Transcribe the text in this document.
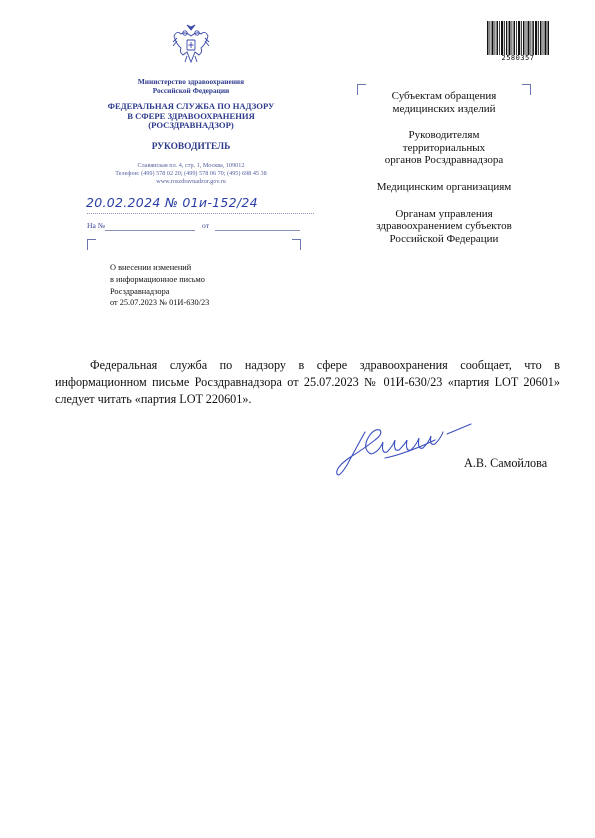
2580357
Министерство здравоохранения
Российской Федерации
ФЕДЕРАЛЬНАЯ СЛУЖБА ПО НАДЗОРУ
В СФЕРЕ ЗДРАВООХРАНЕНИЯ
(РОСЗДРАВНАДЗОР)
РУКОВОДИТЕЛЬ
Славянская пл. 4, стр. 1, Москва, 109012
Телефон: (499) 578 02 20; (499) 578 06 70; (495) 698 45 38
www.roszdravnadzor.gov.ru
20.02.2024 № 01и-152/24
На №	от
О внесении изменений
в информационное письмо
Росздравнадзора
от 25.07.2023 № 01И-630/23
Субъектам обращения
медицинских изделий
Руководителям
территориальных
органов Росздравнадзора
Медицинским организациям
Органам управления
здравоохранением субъектов
Российской Федерации
Федеральная служба по надзору в сфере здравоохранения сообщает, что в информационном письме Росздравнадзора от 25.07.2023 № 01И-630/23 «партия LOT 20601» следует читать «партия LOT 220601».
А.В. Самойлова
